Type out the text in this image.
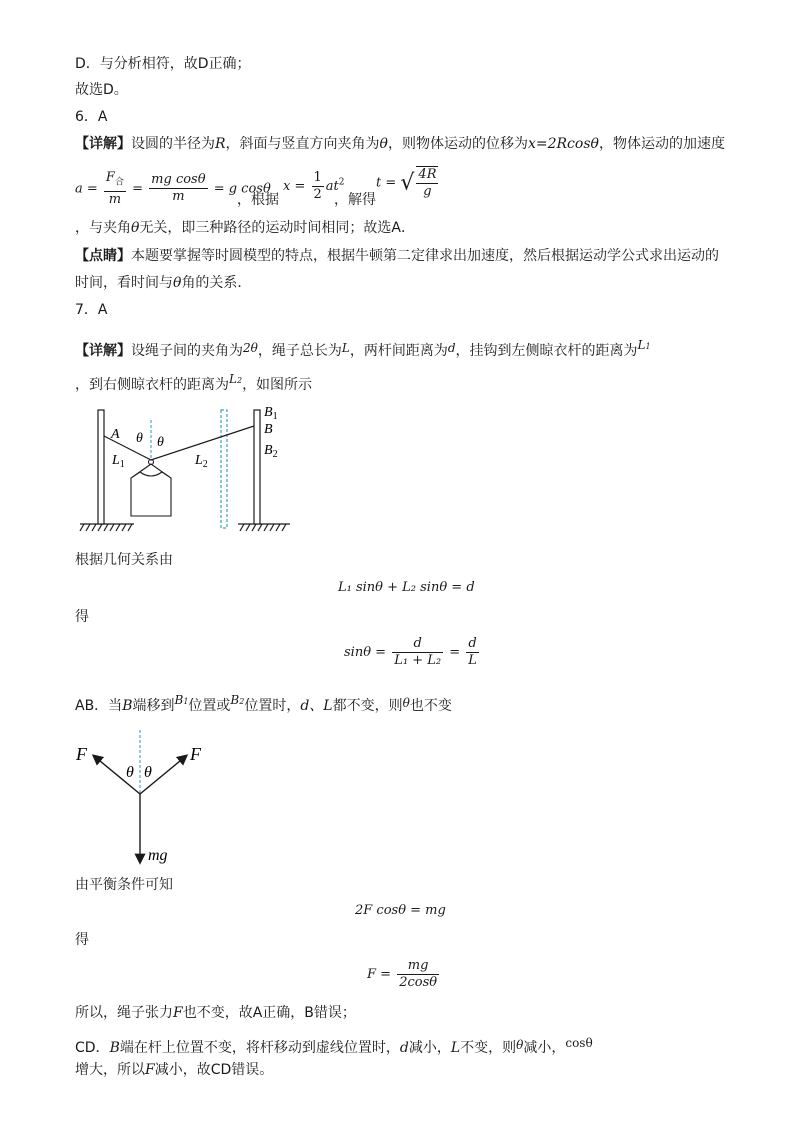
D．与分析相符，故D正确；
故选D。
6．A
【详解】设圆的半径为R，斜面与竖直方向夹角为θ，则物体运动的位移为x=2Rcosθ，物体运动的加速度
$a = \frac{F_合}{m} = \frac{\text{mg cosθ}}{m} = g$ cosθ
，根据
$x = \frac{1}{2} at^2$
，解得
t = √ $\frac{4R}{g}$
，与夹角θ无关，即三种路径的运动时间相同；故选A．
【点睛】本题要掌握等时圆模型的特点，根据牛顿第二定律求出加速度，然后根据运动学公式求出运动的
时间，看时间与θ角的关系．
7．A
【详解】设绳子间的夹角为2θ，绳子总长为L，两杆间距离为d，挂钩到左侧晾衣杆的距离为L1
，到右侧晾衣杆的距离为L2，如图所示
A θ θ
$L_1$	$L_2$
$B_1$
B
$B_2$
根据几何关系由
L₁ sinθ + L₂ sinθ = d
得
$\sin\theta = \frac{d}{\text{L₁ + L₂}} = \frac{d}{L}$
AB．当B端移到B1位置或B2位置时，d、L都不变，则θ也不变
F	F
θ θ
mg
由平衡条件可知
2F cosθ = mg
得
$F = \frac{mg}{2\cos\theta}$
所以，绳子张力F也不变，故A正确，B错误；
CD．B端在杆上位置不变，将杆移动到虚线位置时，d减小，L不变，则θ减小，cosθ
增大，所以F减小，故CD错误。
